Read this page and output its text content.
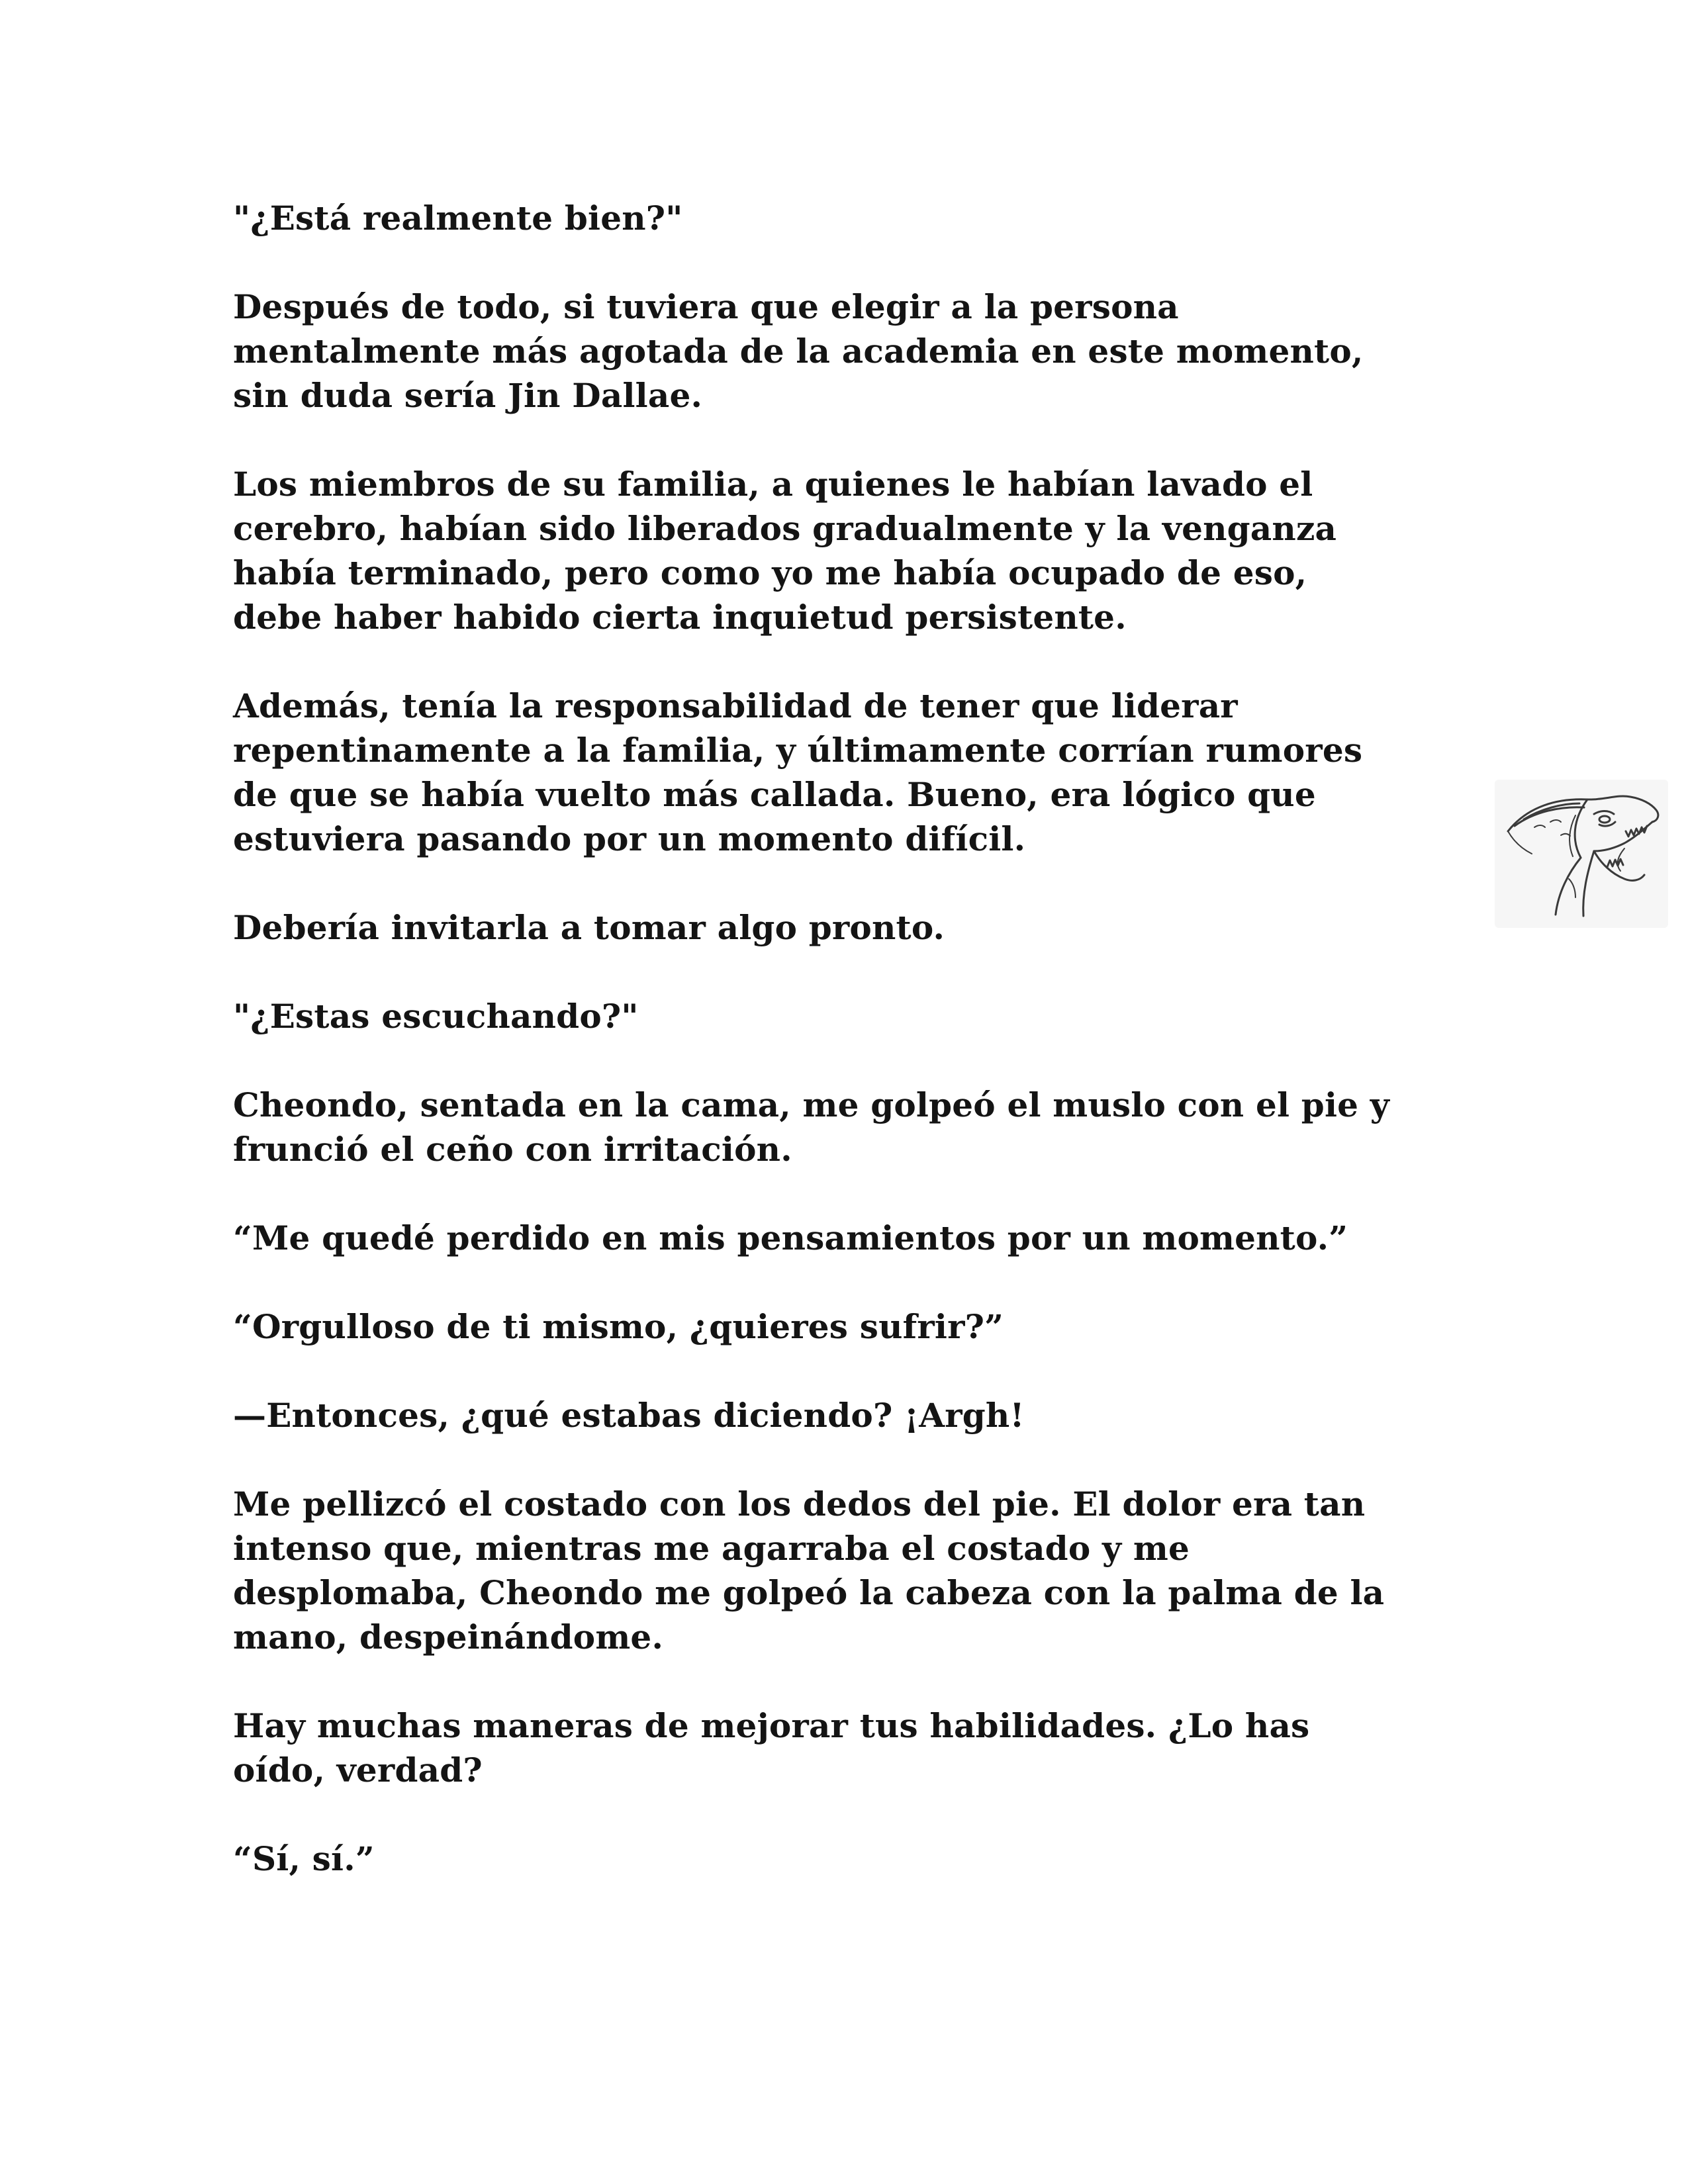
"¿Está realmente bien?"

Después de todo, si tuviera que elegir a la persona
mentalmente más agotada de la academia en este momento,
sin duda sería Jin Dallae.

Los miembros de su familia, a quienes le habían lavado el
cerebro, habían sido liberados gradualmente y la venganza
había terminado, pero como yo me había ocupado de eso,
debe haber habido cierta inquietud persistente.

Además, tenía la responsabilidad de tener que liderar
repentinamente a la familia, y últimamente corrían rumores
de que se había vuelto más callada. Bueno, era lógico que
estuviera pasando por un momento difícil.

Debería invitarla a tomar algo pronto.

"¿Estas escuchando?"

Cheondo, sentada en la cama, me golpeó el muslo con el pie y
frunció el ceño con irritación.

“Me quedé perdido en mis pensamientos por un momento.”

“Orgulloso de ti mismo, ¿quieres sufrir?”

—Entonces, ¿qué estabas diciendo? ¡Argh!

Me pellizcó el costado con los dedos del pie. El dolor era tan
intenso que, mientras me agarraba el costado y me
desplomaba, Cheondo me golpeó la cabeza con la palma de la
mano, despeinándome.

Hay muchas maneras de mejorar tus habilidades. ¿Lo has
oído, verdad?

“Sí, sí.”
